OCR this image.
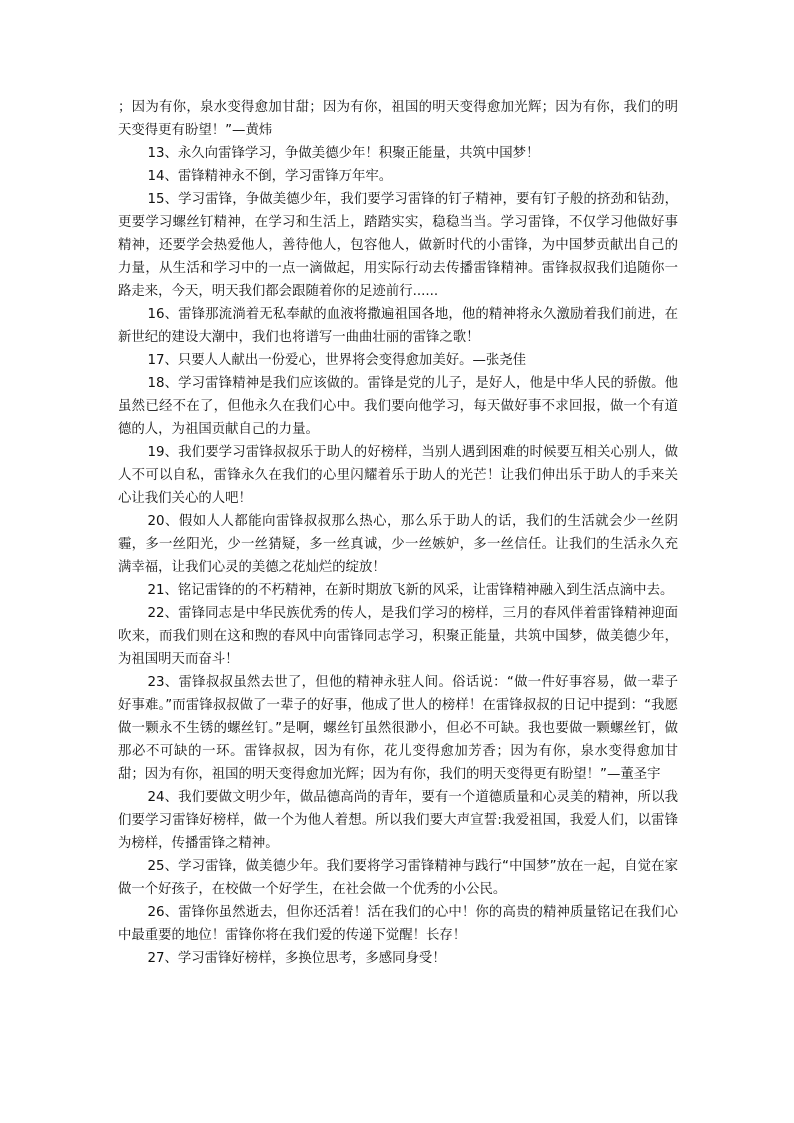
；因为有你，泉水变得愈加甘甜；因为有你，祖国的明天变得愈加光辉；因为有你，我们的明天变得更有盼望！”—黄炜

13、永久向雷锋学习，争做美德少年！积聚正能量，共筑中国梦！

14、雷锋精神永不倒，学习雷锋万年牢。

15、学习雷锋，争做美德少年，我们要学习雷锋的钉子精神，要有钉子般的挤劲和钻劲，更要学习螺丝钉精神，在学习和生活上，踏踏实实，稳稳当当。学习雷锋，不仅学习他做好事精神，还要学会热爱他人，善待他人，包容他人，做新时代的小雷锋，为中国梦贡献出自己的力量，从生活和学习中的一点一滴做起，用实际行动去传播雷锋精神。雷锋叔叔我们追随你一路走来，今天，明天我们都会跟随着你的足迹前行......

16、雷锋那流淌着无私奉献的血液将撒遍祖国各地，他的精神将永久激励着我们前进，在新世纪的建设大潮中，我们也将谱写一曲曲壮丽的雷锋之歌！

17、只要人人献出一份爱心，世界将会变得愈加美好。—张尧佳

18、学习雷锋精神是我们应该做的。雷锋是党的儿子，是好人，他是中华人民的骄傲。他虽然已经不在了，但他永久在我们心中。我们要向他学习，每天做好事不求回报，做一个有道德的人，为祖国贡献自己的力量。

19、我们要学习雷锋叔叔乐于助人的好榜样，当别人遇到困难的时候要互相关心别人，做人不可以自私，雷锋永久在我们的心里闪耀着乐于助人的光芒！让我们伸出乐于助人的手来关心让我们关心的人吧！

20、假如人人都能向雷锋叔叔那么热心，那么乐于助人的话，我们的生活就会少一丝阴霾，多一丝阳光，少一丝猜疑，多一丝真诚，少一丝嫉妒，多一丝信任。让我们的生活永久充满幸福，让我们心灵的美德之花灿烂的绽放！

21、铭记雷锋的的不朽精神，在新时期放飞新的风采，让雷锋精神融入到生活点滴中去。

22、雷锋同志是中华民族优秀的传人，是我们学习的榜样，三月的春风伴着雷锋精神迎面吹来，而我们则在这和煦的春风中向雷锋同志学习，积聚正能量，共筑中国梦，做美德少年，为祖国明天而奋斗！

23、雷锋叔叔虽然去世了，但他的精神永驻人间。俗话说：“做一件好事容易，做一辈子好事难。”而雷锋叔叔做了一辈子的好事，他成了世人的榜样！在雷锋叔叔的日记中提到：“我愿做一颗永不生锈的螺丝钉。”是啊，螺丝钉虽然很渺小，但必不可缺。我也要做一颗螺丝钉，做那必不可缺的一环。雷锋叔叔，因为有你，花儿变得愈加芳香；因为有你，泉水变得愈加甘甜；因为有你，祖国的明天变得愈加光辉；因为有你，我们的明天变得更有盼望！”—董圣宇

24、我们要做文明少年，做品德高尚的青年，要有一个道德质量和心灵美的精神，所以我们要学习雷锋好榜样，做一个为他人着想。所以我们要大声宣誓:我爱祖国，我爱人们，以雷锋为榜样，传播雷锋之精神。

25、学习雷锋，做美德少年。我们要将学习雷锋精神与践行“中国梦”放在一起，自觉在家做一个好孩子，在校做一个好学生，在社会做一个优秀的小公民。

26、雷锋你虽然逝去，但你还活着！活在我们的心中！你的高贵的精神质量铭记在我们心中最重要的地位！雷锋你将在我们爱的传递下觉醒！长存！

27、学习雷锋好榜样，多换位思考，多感同身受！
